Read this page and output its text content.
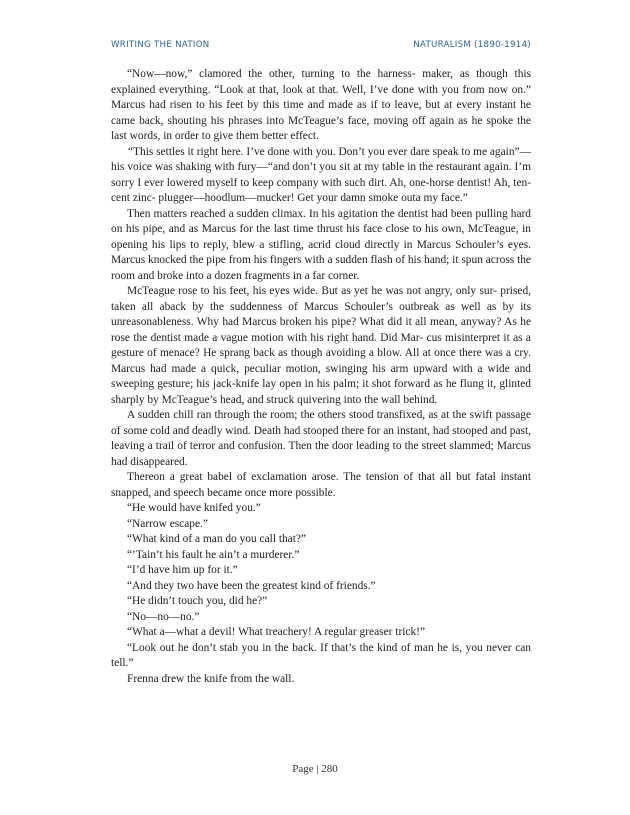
WRITING THE NATION	NATURALISM (1890-1914)

“Now—now,” clamored the other, turning to the harness- maker, as though this explained everything. “Look at that, look at that. Well, I’ve done with you from now on.” Marcus had risen to his feet by this time and made as if to leave, but at every instant he came back, shouting his phrases into McTeague’s face, moving off again as he spoke the last words, in order to give them better effect.

“This settles it right here. I’ve done with you. Don’t you ever dare speak to me again”—his voice was shaking with fury—“and don’t you sit at my table in the restaurant again. I’m sorry I ever lowered myself to keep company with such dirt. Ah, one-horse dentist! Ah, ten-cent zinc- plugger—hoodlum—mucker! Get your damn smoke outa my face.”

Then matters reached a sudden climax. In his agitation the dentist had been pulling hard on his pipe, and as Marcus for the last time thrust his face close to his own, McTeague, in opening his lips to reply, blew a stifling, acrid cloud directly in Marcus Schouler’s eyes. Marcus knocked the pipe from his fingers with a sudden flash of his hand; it spun across the room and broke into a dozen fragments in a far corner.

McTeague rose to his feet, his eyes wide. But as yet he was not angry, only sur- prised, taken all aback by the suddenness of Marcus Schouler’s outbreak as well as by its unreasonableness. Why had Marcus broken his pipe? What did it all mean, anyway? As he rose the dentist made a vague motion with his right hand. Did Mar- cus misinterpret it as a gesture of menace? He sprang back as though avoiding a blow. All at once there was a cry. Marcus had made a quick, peculiar motion, swinging his arm upward with a wide and sweeping gesture; his jack-knife lay open in his palm; it shot forward as he flung it, glinted sharply by McTeague’s head, and struck quivering into the wall behind.

A sudden chill ran through the room; the others stood transfixed, as at the swift passage of some cold and deadly wind. Death had stooped there for an instant, had stooped and past, leaving a trail of terror and confusion. Then the door leading to the street slammed; Marcus had disappeared.

Thereon a great babel of exclamation arose. The tension of that all but fatal instant snapped, and speech became once more possible.

“He would have knifed you.”

“Narrow escape.”

“What kind of a man do you call that?”

“’Tain’t his fault he ain’t a murderer.”

“I’d have him up for it.”

“And they two have been the greatest kind of friends.”

“He didn’t touch you, did he?”

“No—no—no.”

“What a—what a devil! What treachery! A regular greaser trick!”

“Look out he don’t stab you in the back. If that’s the kind of man he is, you never can tell.”

Frenna drew the knife from the wall.

Page | 280
